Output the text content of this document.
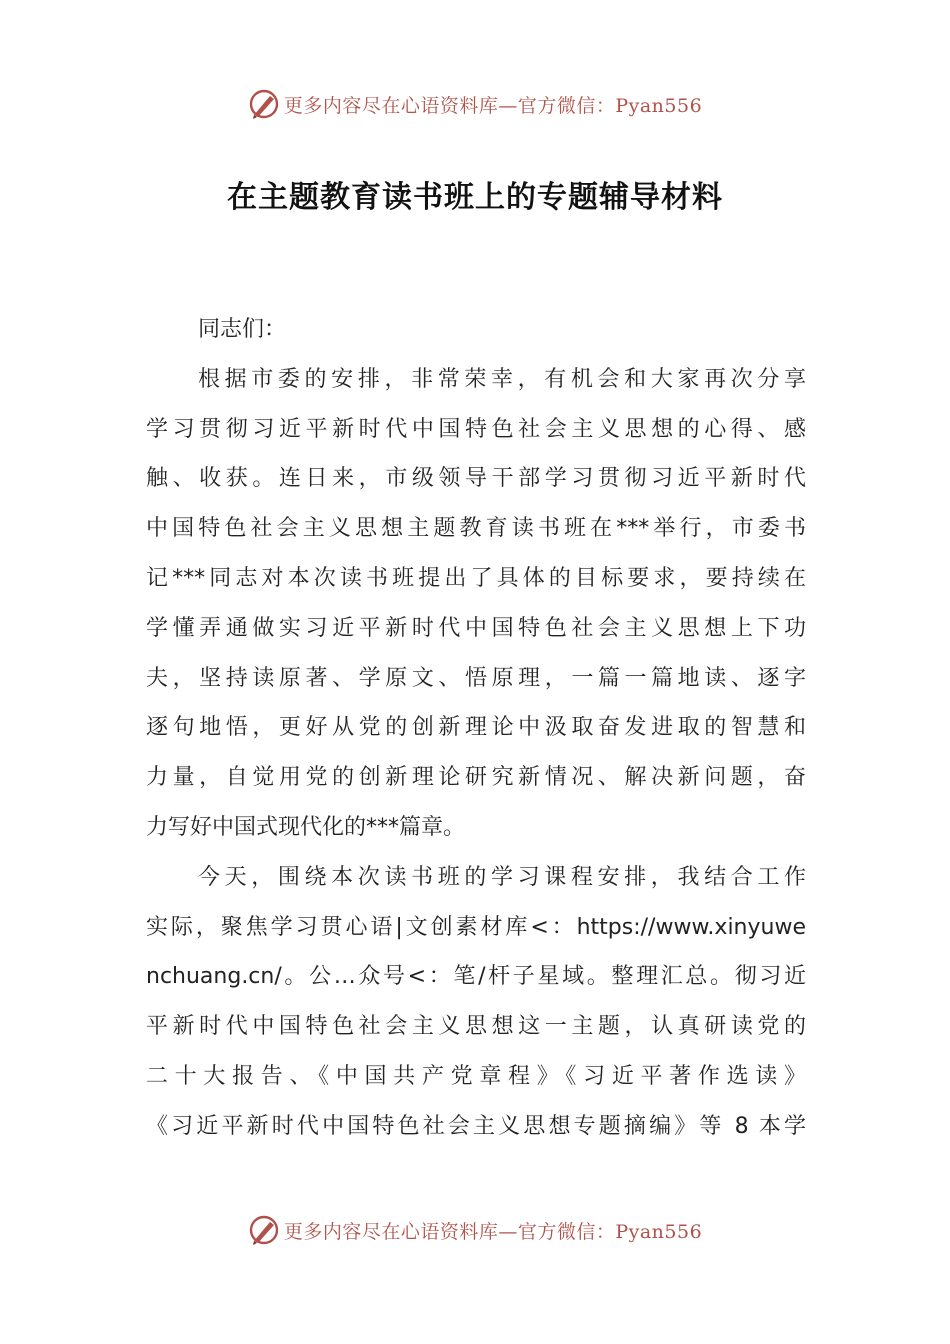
更多内容尽在心语资料库—官方微信：Pyan556
在主题教育读书班上的专题辅导材料
同志们：
根据市委的安排，非常荣幸，有机会和大家再次分享
学习贯彻习近平新时代中国特色社会主义思想的心得、感
触、收获。连日来，市级领导干部学习贯彻习近平新时代
中国特色社会主义思想主题教育读书班在***举行，市委书
记***同志对本次读书班提出了具体的目标要求，要持续在
学懂弄通做实习近平新时代中国特色社会主义思想上下功
夫，坚持读原著、学原文、悟原理，一篇一篇地读、逐字
逐句地悟，更好从党的创新理论中汲取奋发进取的智慧和
力量，自觉用党的创新理论研究新情况、解决新问题，奋
力写好中国式现代化的***篇章。
今天，围绕本次读书班的学习课程安排，我结合工作
实际，聚焦学习贯心语|文创素材库<：https://www.xinyuwe
nchuang.cn/。公…众号<：笔/杆子星域。整理汇总。彻习近
平新时代中国特色社会主义思想这一主题，认真研读党的
二十大报告、《中国共产党章程》《习近平著作选读》
《习近平新时代中国特色社会主义思想专题摘编》等 8 本学
更多内容尽在心语资料库—官方微信：Pyan556
